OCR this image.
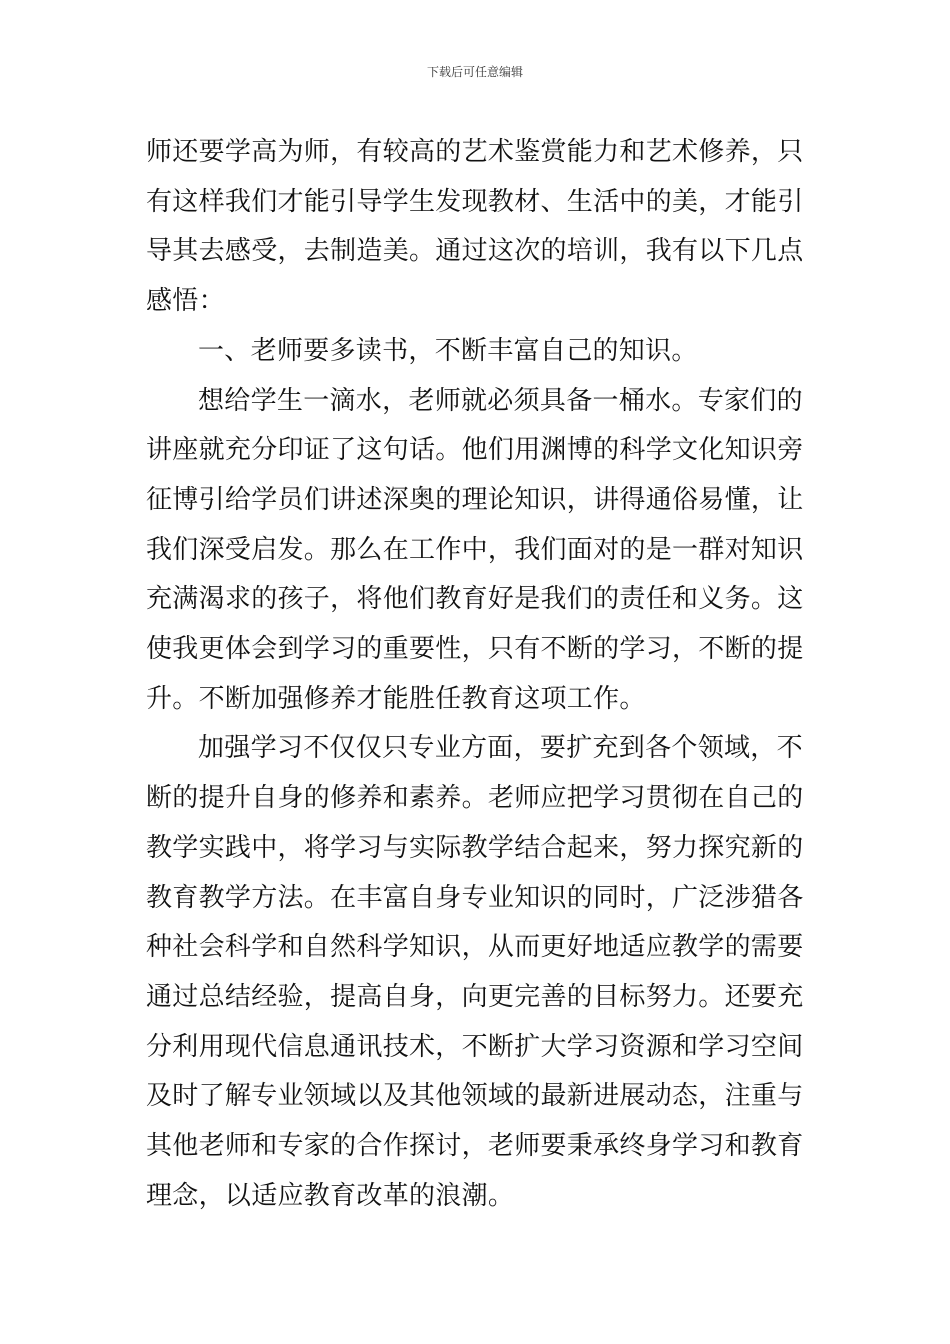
下载后可任意编辑

师还要学高为师，有较高的艺术鉴赏能力和艺术修养，只
有这样我们才能引导学生发现教材、生活中的美，才能引
导其去感受，去制造美。通过这次的培训，我有以下几点
感悟：

一、老师要多读书，不断丰富自己的知识。

想给学生一滴水，老师就必须具备一桶水。专家们的
讲座就充分印证了这句话。他们用渊博的科学文化知识旁
征博引给学员们讲述深奥的理论知识，讲得通俗易懂，让
我们深受启发。那么在工作中，我们面对的是一群对知识
充满渴求的孩子，将他们教育好是我们的责任和义务。这
使我更体会到学习的重要性，只有不断的学习，不断的提
升。不断加强修养才能胜任教育这项工作。

加强学习不仅仅只专业方面，要扩充到各个领域，不
断的提升自身的修养和素养。老师应把学习贯彻在自己的
教学实践中，将学习与实际教学结合起来，努力探究新的
教育教学方法。在丰富自身专业知识的同时，广泛涉猎各
种社会科学和自然科学知识，从而更好地适应教学的需要
通过总结经验，提高自身，向更完善的目标努力。还要充
分利用现代信息通讯技术，不断扩大学习资源和学习空间
及时了解专业领域以及其他领域的最新进展动态，注重与
其他老师和专家的合作探讨，老师要秉承终身学习和教育
理念，以适应教育改革的浪潮。
